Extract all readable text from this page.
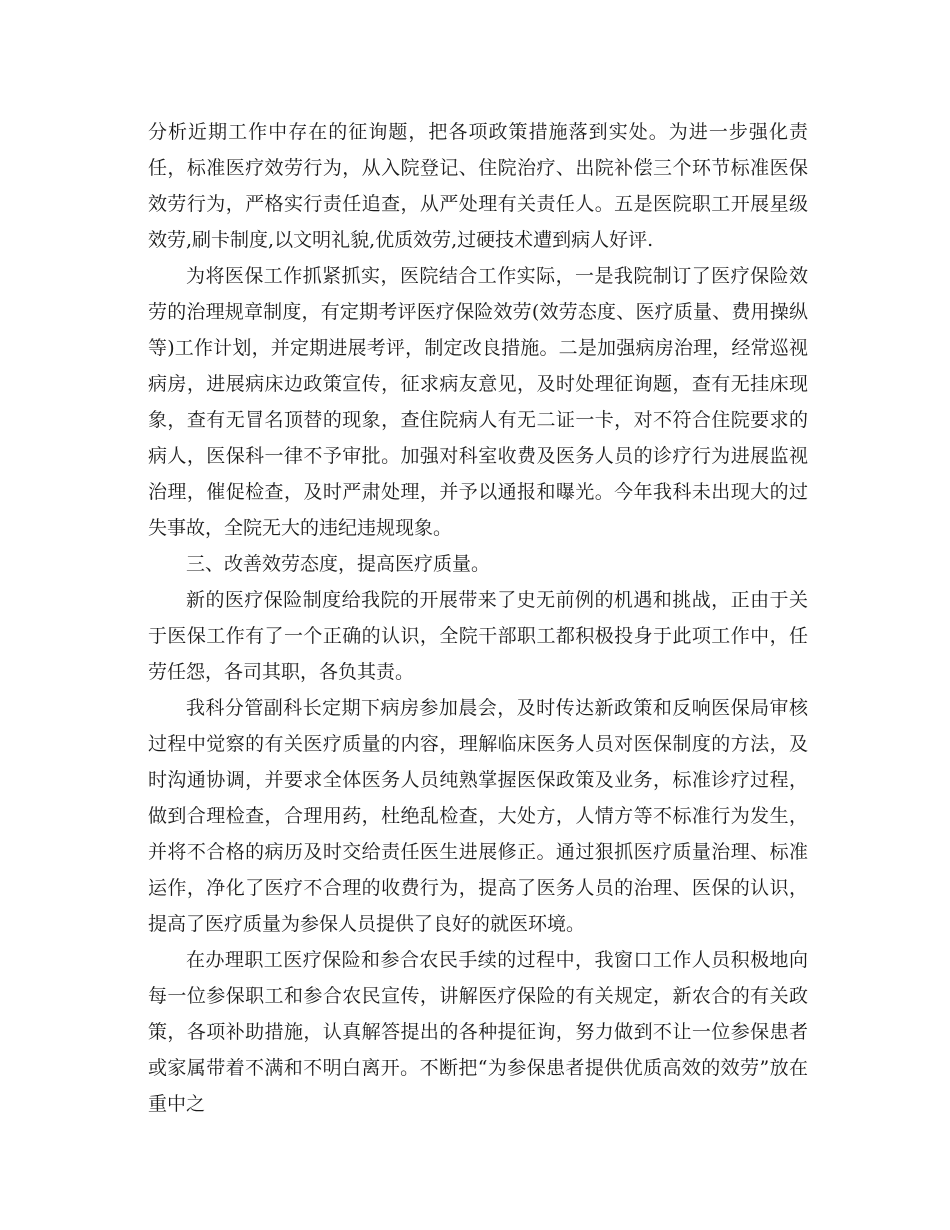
分析近期工作中存在的征询题，把各项政策措施落到实处。为进一步强化责任，标准医疗效劳行为，从入院登记、住院治疗、出院补偿三个环节标准医保效劳行为，严格实行责任追查，从严处理有关责任人。五是医院职工开展星级效劳,刷卡制度,以文明礼貌,优质效劳,过硬技术遭到病人好评.

为将医保工作抓紧抓实，医院结合工作实际，一是我院制订了医疗保险效劳的治理规章制度，有定期考评医疗保险效劳(效劳态度、医疗质量、费用操纵等)工作计划，并定期进展考评，制定改良措施。二是加强病房治理，经常巡视病房，进展病床边政策宣传，征求病友意见，及时处理征询题，查有无挂床现象，查有无冒名顶替的现象，查住院病人有无二证一卡，对不符合住院要求的病人，医保科一律不予审批。加强对科室收费及医务人员的诊疗行为进展监视治理，催促检查，及时严肃处理，并予以通报和曝光。今年我科未出现大的过失事故，全院无大的违纪违规现象。

三、改善效劳态度，提高医疗质量。

新的医疗保险制度给我院的开展带来了史无前例的机遇和挑战，正由于关于医保工作有了一个正确的认识，全院干部职工都积极投身于此项工作中，任劳任怨，各司其职，各负其责。

我科分管副科长定期下病房参加晨会，及时传达新政策和反响医保局审核过程中觉察的有关医疗质量的内容，理解临床医务人员对医保制度的方法，及时沟通协调，并要求全体医务人员纯熟掌握医保政策及业务，标准诊疗过程，做到合理检查，合理用药，杜绝乱检查，大处方，人情方等不标准行为发生，并将不合格的病历及时交给责任医生进展修正。通过狠抓医疗质量治理、标准运作，净化了医疗不合理的收费行为，提高了医务人员的治理、医保的认识，提高了医疗质量为参保人员提供了良好的就医环境。

在办理职工医疗保险和参合农民手续的过程中，我窗口工作人员积极地向每一位参保职工和参合农民宣传，讲解医疗保险的有关规定，新农合的有关政策，各项补助措施，认真解答提出的各种提征询，努力做到不让一位参保患者或家属带着不满和不明白离开。不断把“为参保患者提供优质高效的效劳”放在重中之
